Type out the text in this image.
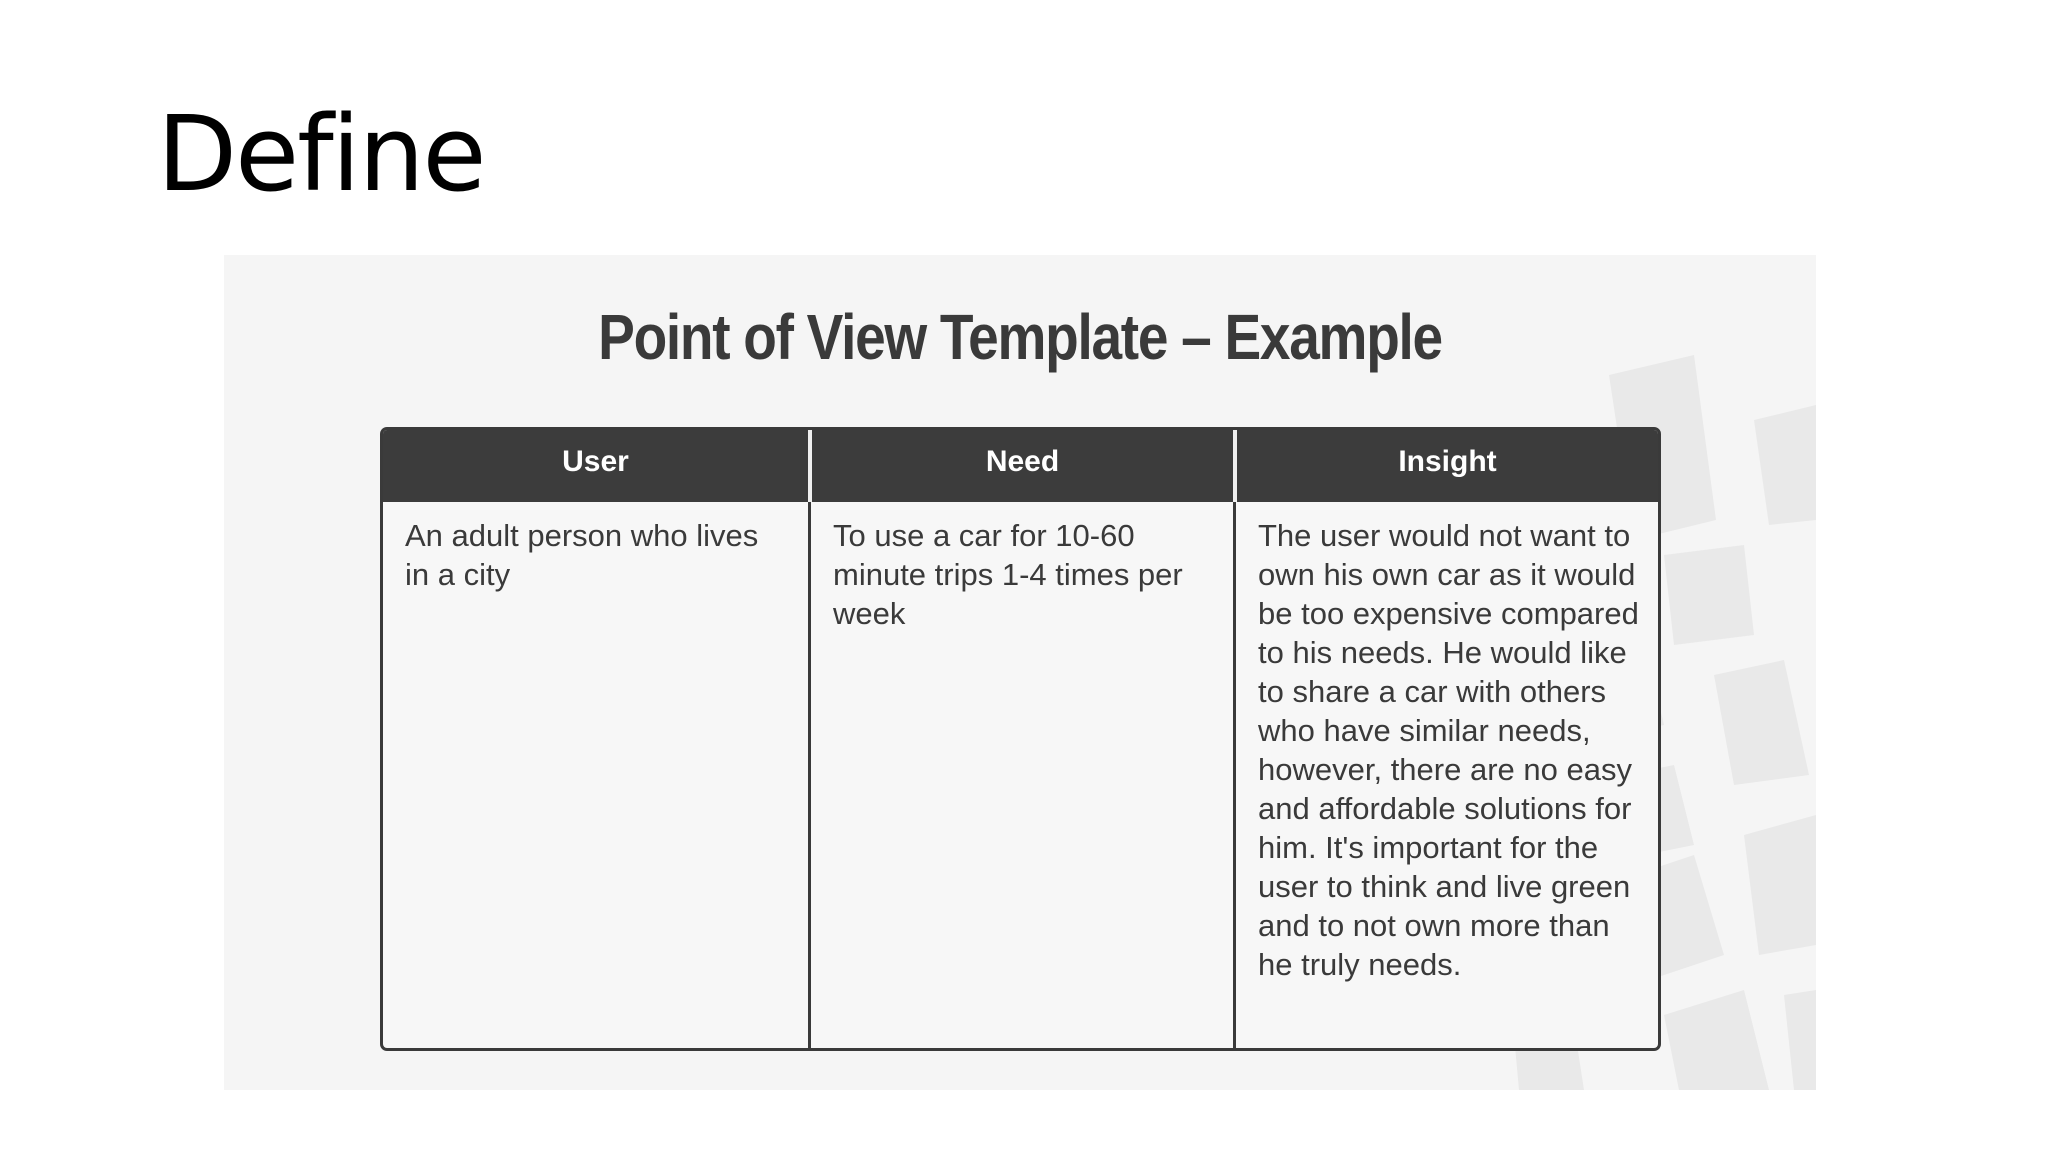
Define
Point of View Template – Example
User	Need	Insight
An adult person who lives in a city
To use a car for 10-60 minute trips 1-4 times per week
The user would not want to own his own car as it would be too expensive compared to his needs. He would like to share a car with others who have similar needs, however, there are no easy and affordable solutions for him. It's important for the user to think and live green and to not own more than he truly needs.
